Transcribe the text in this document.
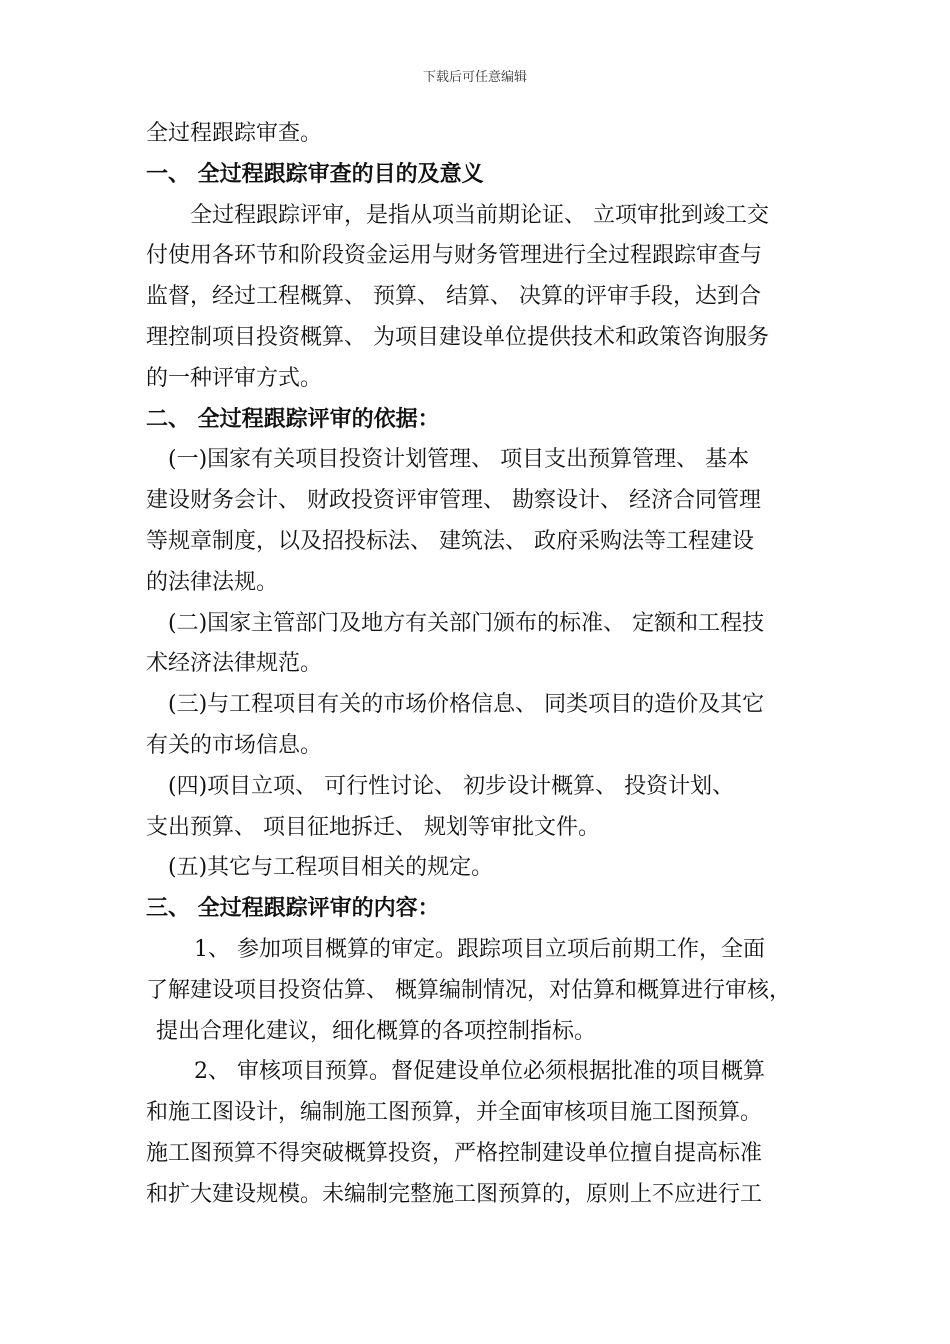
下载后可任意编辑
全过程跟踪审查。
一、 全过程跟踪审查的目的及意义
全过程跟踪评审，是指从项当前期论证、 立项审批到竣工交
付使用各环节和阶段资金运用与财务管理进行全过程跟踪审查与
监督，经过工程概算、 预算、 结算、 决算的评审手段，达到合
理控制项目投资概算、 为项目建设单位提供技术和政策咨询服务
的一种评审方式。
二、 全过程跟踪评审的依据：
(一)国家有关项目投资计划管理、 项目支出预算管理、 基本
建设财务会计、 财政投资评审管理、 勘察设计、 经济合同管理
等规章制度，以及招投标法、 建筑法、 政府采购法等工程建设
的法律法规。
(二)国家主管部门及地方有关部门颁布的标准、 定额和工程技
术经济法律规范。
(三)与工程项目有关的市场价格信息、 同类项目的造价及其它
有关的市场信息。
(四)项目立项、 可行性讨论、 初步设计概算、 投资计划、
支出预算、 项目征地拆迁、 规划等审批文件。
(五)其它与工程项目相关的规定。
三、 全过程跟踪评审的内容：
1、 参加项目概算的审定。跟踪项目立项后前期工作，全面
了解建设项目投资估算、 概算编制情况，对估算和概算进行审核，
提出合理化建议，细化概算的各项控制指标。
2、 审核项目预算。督促建设单位必须根据批准的项目概算
和施工图设计，编制施工图预算，并全面审核项目施工图预算。
施工图预算不得突破概算投资，严格控制建设单位擅自提高标准
和扩大建设规模。未编制完整施工图预算的，原则上不应进行工
